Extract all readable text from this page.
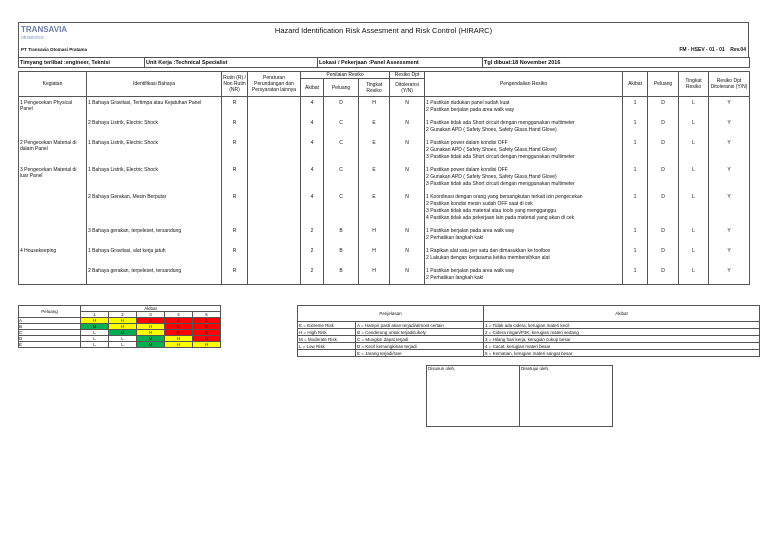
TRANSAVIA
otoservice
Hazard Identification Risk Assesment and Risk Control (HIRARC)
PT Transavia Otomasi Pratama	FM - HSEV - 01 - 01 Rev.04
Timyang terlibat :engineer, Teknisi	Unit Kerja :Technical Specialist	Lokasi / Pekerjaan :Panel Assessment	Tgl dibuat:18 November 2016
Kegiatan	Identifikasi Bahaya	Rutin (R) / Non Rutin (NR)	Peraturan Perundangan dan Persyaratan lainnya	Penilaian Resiko			Resiko Dpt	Pengendalian Resiko	Akibat	Peluang	Tingkat Resiko	Resiko Dpt Ditoleransi (Y/N)
				Akibat	Peluang	Tingkat Resiko	Ditoleransi (Y/N)					
1 Pengecekan Physical Panel	1 Bahaya Gravitasi, Tertimpa atau Kejatuhan Panel	R		4	D	H	N	1 Pastikan dudukan panel sudah kuat
2 Pastikan berjalan pada area walk way	1	D	L	Y
	2 Bahaya Listrik, Electric Shock	R		4	C	E	N	1 Pastikan tidak ada Short circuit dengan menggunakan multimeter
2 Gunakan APD ( Safety Shoes, Safety Glass,Hand Glove)	1	D	L	Y
2 Pengecekan Material di dalam Panel	1 Bahaya Listrik, Electric Shock	R		4	C	E	N	1 Pastikan power dalam kondisi OFF
2 Gunakan APD ( Safety Shoes, Safety Glass,Hand Glove)
3 Pastikan tidak ada Short circuit dengan menggunakan multimeter	1	D	L	Y
3 Pengecekan Material di luar Panel	1 Bahaya Listrik, Electric Shock	R		4	C	E	N	1 Pastikan power dalam kondisi OFF
2 Gunakan APD ( Safety Shoes, Safety Glass,Hand Glove)
3 Pastikan tidak ada Short circuit dengan menggunakan multimeter	1	D	L	Y
	2 Bahaya Gerakan, Mesin Berputar	R		4	C	E	N	1 Koordinasi dengan orang yang bersangkutan terkait izin pengecekan
2 Pastikan kondisi mesin sudah OFF saat di cek
3 Pastikan tidak ada material atau tools yang mengganggu
4 Pastikan tidak ada pekerjaan lain pada material yang akan di cek	1	D	L	Y
	3 Bahaya gerakan, terpeleset, tersandung	R		2	B	H	N	1 Pastikan berjalan pada area walk way
2 Perhatikan langkah kaki	1	D	L	Y
4 Housekeeping	1 Bahaya Gravitasi, alat kerja jatuh	R		2	B	H	N	1 Rapikan alat satu per satu dan dimasukkan ke toolbox
2 Lakukan dengan kerjasama ketika membersihkan alat	1	D	L	Y
	2 Bahaya gerakan, terpeleset, tersandung	R		2	B	H	N	1 Pastikan berjalan pada area walk way
2 Perhatikan langkah kaki	1	D	L	Y
Peluang	Akibat				
	1	2	3	4	5
A	H	H	E	E	E
B	M	H	H	E	E
C	L	M	H	E	E
D	L	L	M	H	E
E	L	L	M	H	H
Penjelasan		Akibat
E = Extreme Risk	A = Hampir pasti akan terjadi/almost certain	1 = Tidak ada cidera, kerugian materi kecil
H = High Risk	B = Cenderung untuk terjadi/Likely	2 = Cidera ringan/P3K, kerugian materi sedang
M = Moderate Risk	C = Mungkin dapat terjadi	3 = Hilang hari kerja, kerugian cukup besar
L = Low Risk	D = Kecil kemungkinan terjadi	4 = Cacat, kerugian materi besar
	E = Jarang terjadi/rare	5 = Kematian, kerugian materi sangat besar
Disusun oleh,	Disetujui oleh,
